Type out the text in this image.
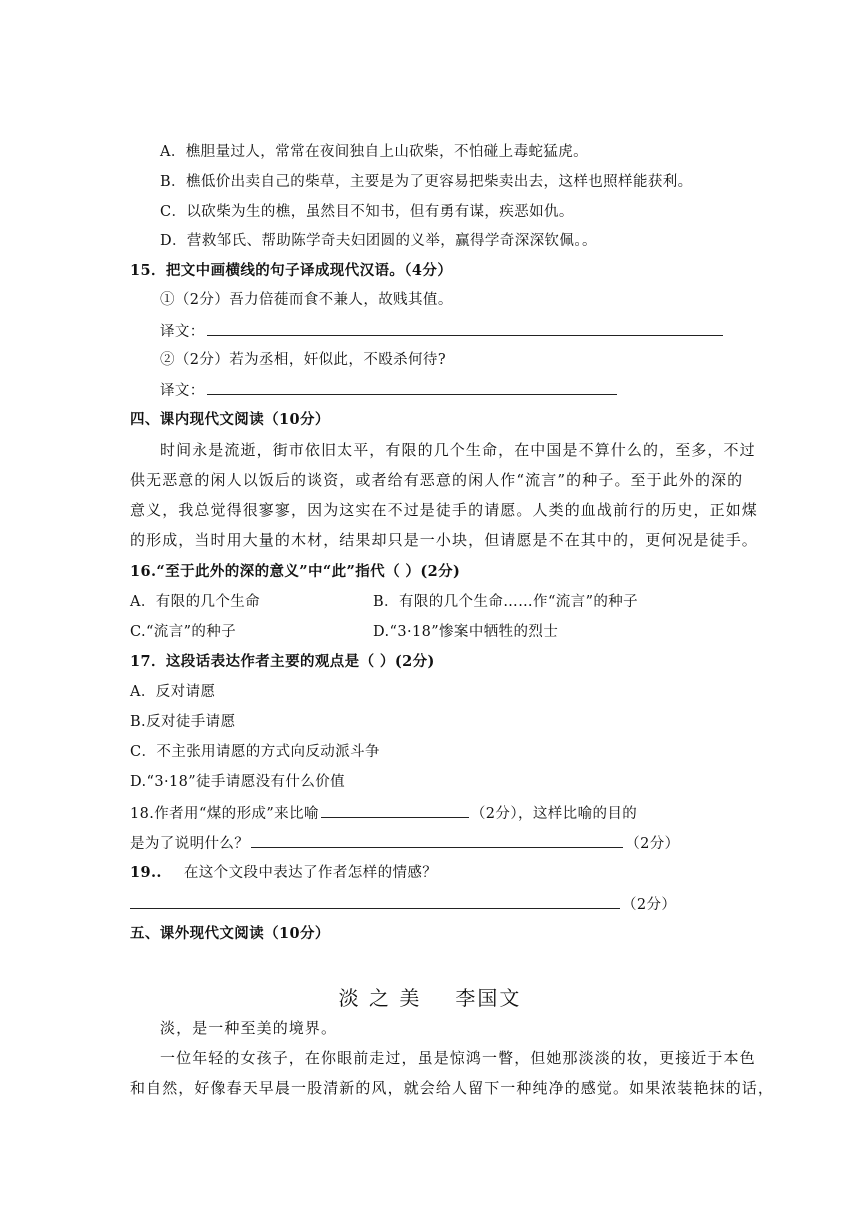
A．樵胆量过人，常常在夜间独自上山砍柴，不怕碰上毒蛇猛虎。
B．樵低价出卖自己的柴草，主要是为了更容易把柴卖出去，这样也照样能获利。
C．以砍柴为生的樵，虽然目不知书，但有勇有谋，疾恶如仇。
D．营救邹氏、帮助陈学奇夫妇团圆的义举，赢得学奇深深钦佩。。
15．把文中画横线的句子译成现代汉语。（4分）
①（2分）吾力倍蓰而食不兼人，故贱其值。
译文：
②（2分）若为丞相，奸似此，不殴杀何待?
译文：
四、课内现代文阅读（10分）
时间永是流逝，街市依旧太平，有限的几个生命，在中国是不算什么的，至多，不过
供无恶意的闲人以饭后的谈资，或者给有恶意的闲人作“流言”的种子。至于此外的深的
意义，我总觉得很寥寥，因为这实在不过是徒手的请愿。人类的血战前行的历史，正如煤
的形成，当时用大量的木材，结果却只是一小块，但请愿是不在其中的，更何况是徒手。
16.“至于此外的深的意义”中“此”指代（ ）(2分)
A．有限的几个生命	B．有限的几个生命……作“流言”的种子
C.“流言”的种子	D.“3·18”惨案中牺牲的烈士
17．这段话表达作者主要的观点是（ ）(2分)
A．反对请愿
B.反对徒手请愿
C．不主张用请愿的方式向反动派斗争
D.“3·18”徒手请愿没有什么价值
18.作者用“煤的形成”来比喻	（2分），这样比喻的目的
是为了说明什么？	（2分）
19.. 在这个文段中表达了作者怎样的情感？
（2分）
五、课外现代文阅读（10分）
淡 之 美 李国文
淡，是一种至美的境界。
一位年轻的女孩子，在你眼前走过，虽是惊鸿一瞥，但她那淡淡的妆，更接近于本色
和自然，好像春天早晨一股清新的风，就会给人留下一种纯净的感觉。如果浓装艳抹的话，
